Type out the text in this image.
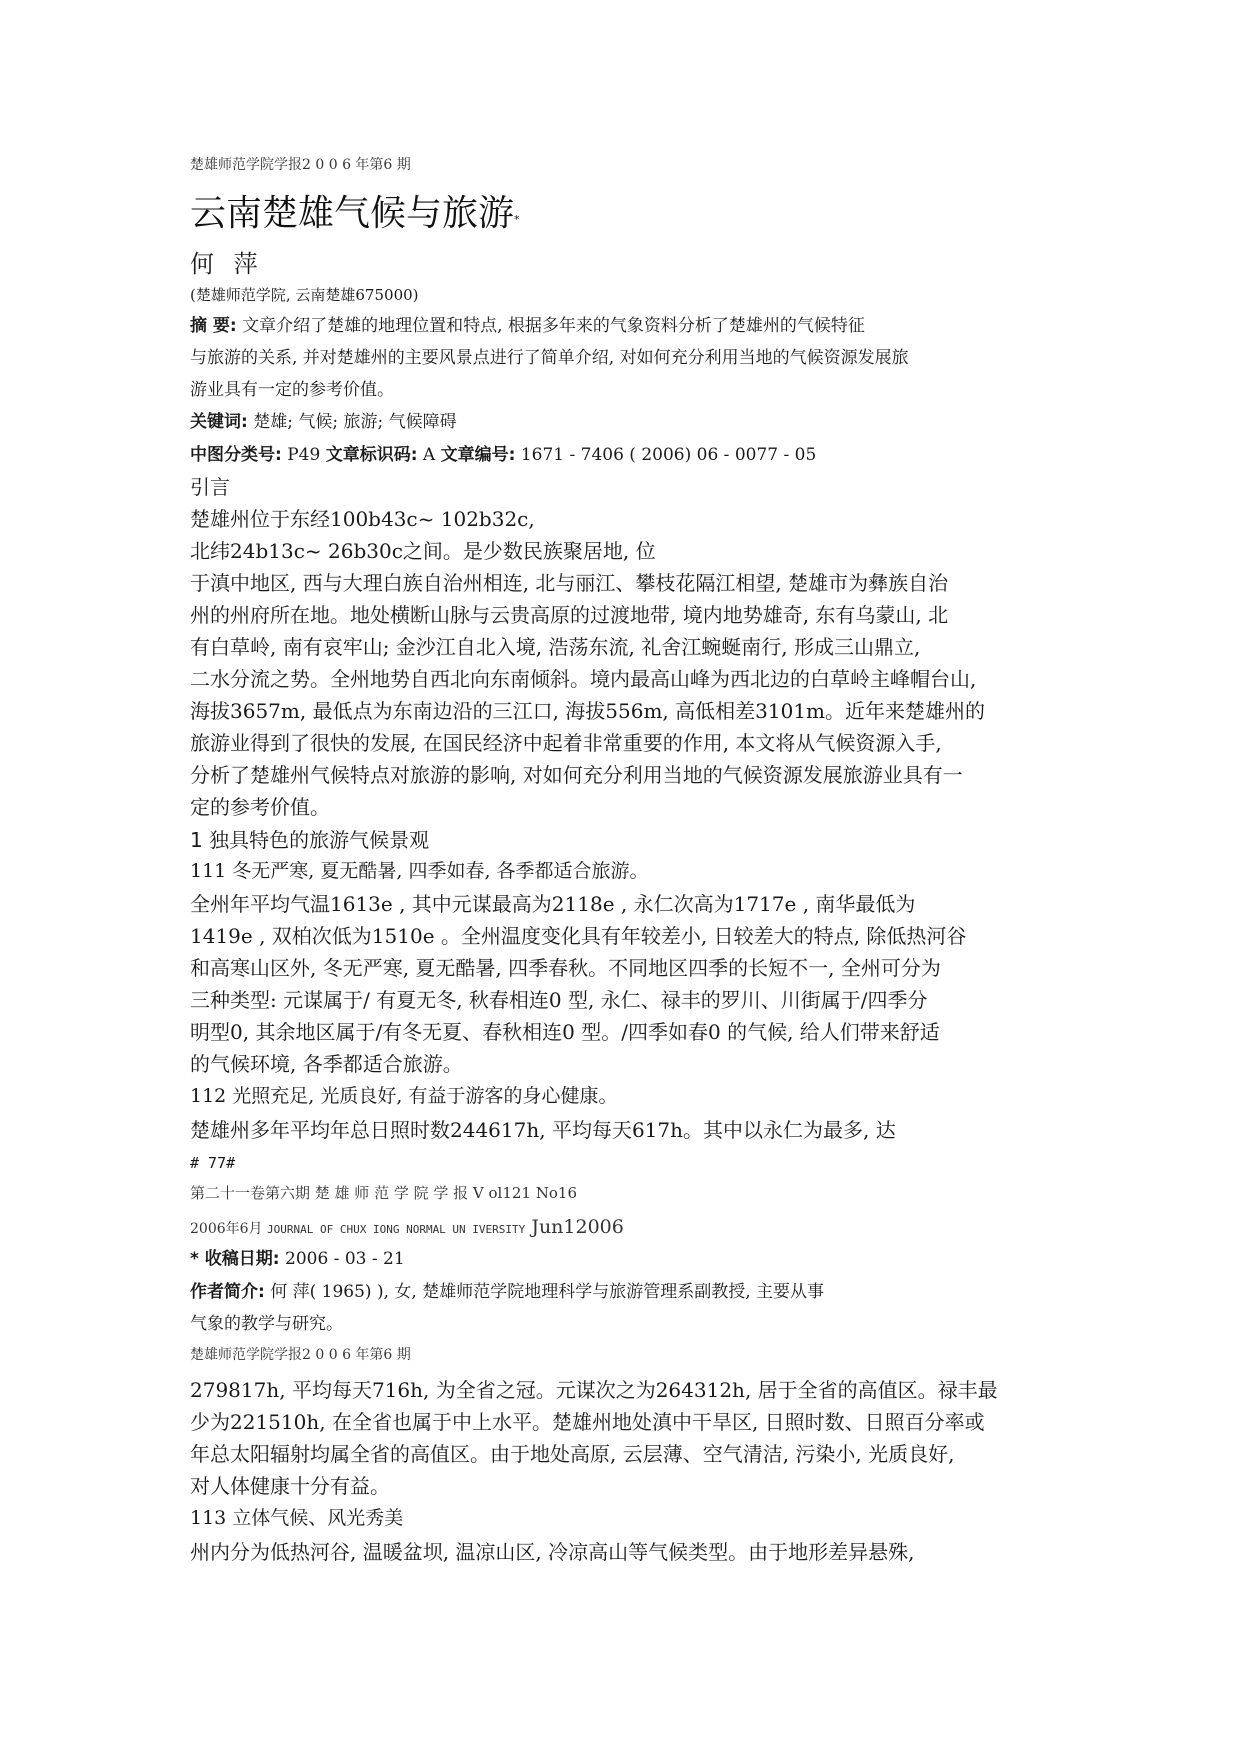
楚雄师范学院学报2 0 0 6 年第6 期
云南楚雄气候与旅游*
何 萍
(楚雄师范学院, 云南楚雄675000)
摘 要: 文章介绍了楚雄的地理位置和特点, 根据多年来的气象资料分析了楚雄州的气候特征
与旅游的关系, 并对楚雄州的主要风景点进行了简单介绍, 对如何充分利用当地的气候资源发展旅
游业具有一定的参考价值。
关键词: 楚雄; 气候; 旅游; 气候障碍
中图分类号: P49 文章标识码: A 文章编号: 1671 - 7406 ( 2006) 06 - 0077 - 05
引言
楚雄州位于东经100b43c~ 102b32c,
北纬24b13c~ 26b30c之间。是少数民族聚居地, 位
于滇中地区, 西与大理白族自治州相连, 北与丽江、攀枝花隔江相望, 楚雄市为彝族自治
州的州府所在地。地处横断山脉与云贵高原的过渡地带, 境内地势雄奇, 东有乌蒙山, 北
有白草岭, 南有哀牢山; 金沙江自北入境, 浩荡东流, 礼舍江蜿蜒南行, 形成三山鼎立,
二水分流之势。全州地势自西北向东南倾斜。境内最高山峰为西北边的白草岭主峰帽台山,
海拔3657m, 最低点为东南边沿的三江口, 海拔556m, 高低相差3101m。近年来楚雄州的
旅游业得到了很快的发展, 在国民经济中起着非常重要的作用, 本文将从气候资源入手,
分析了楚雄州气候特点对旅游的影响, 对如何充分利用当地的气候资源发展旅游业具有一
定的参考价值。
1 独具特色的旅游气候景观
111 冬无严寒, 夏无酷暑, 四季如春, 各季都适合旅游。
全州年平均气温1613e , 其中元谋最高为2118e , 永仁次高为1717e , 南华最低为
1419e , 双柏次低为1510e 。全州温度变化具有年较差小, 日较差大的特点, 除低热河谷
和高寒山区外, 冬无严寒, 夏无酷暑, 四季春秋。不同地区四季的长短不一, 全州可分为
三种类型: 元谋属于/ 有夏无冬, 秋春相连0 型, 永仁、禄丰的罗川、川街属于/四季分
明型0, 其余地区属于/有冬无夏、春秋相连0 型。/四季如春0 的气候, 给人们带来舒适
的气候环境, 各季都适合旅游。
112 光照充足, 光质良好, 有益于游客的身心健康。
楚雄州多年平均年总日照时数244617h, 平均每天617h。其中以永仁为最多, 达
# 77#
第二十一卷第六期 楚 雄 师 范 学 院 学 报 V ol121 No16
2006年6月 JOURNAL OF CHUX IONG NORMAL UN IVERSITY Jun12006
* 收稿日期: 2006 - 03 - 21
作者简介: 何 萍( 1965) ), 女, 楚雄师范学院地理科学与旅游管理系副教授, 主要从事
气象的教学与研究。
楚雄师范学院学报2 0 0 6 年第6 期
279817h, 平均每天716h, 为全省之冠。元谋次之为264312h, 居于全省的高值区。禄丰最
少为221510h, 在全省也属于中上水平。楚雄州地处滇中干旱区, 日照时数、日照百分率或
年总太阳辐射均属全省的高值区。由于地处高原, 云层薄、空气清洁, 污染小, 光质良好,
对人体健康十分有益。
113 立体气候、风光秀美
州内分为低热河谷, 温暖盆坝, 温凉山区, 冷凉高山等气候类型。由于地形差异悬殊,
